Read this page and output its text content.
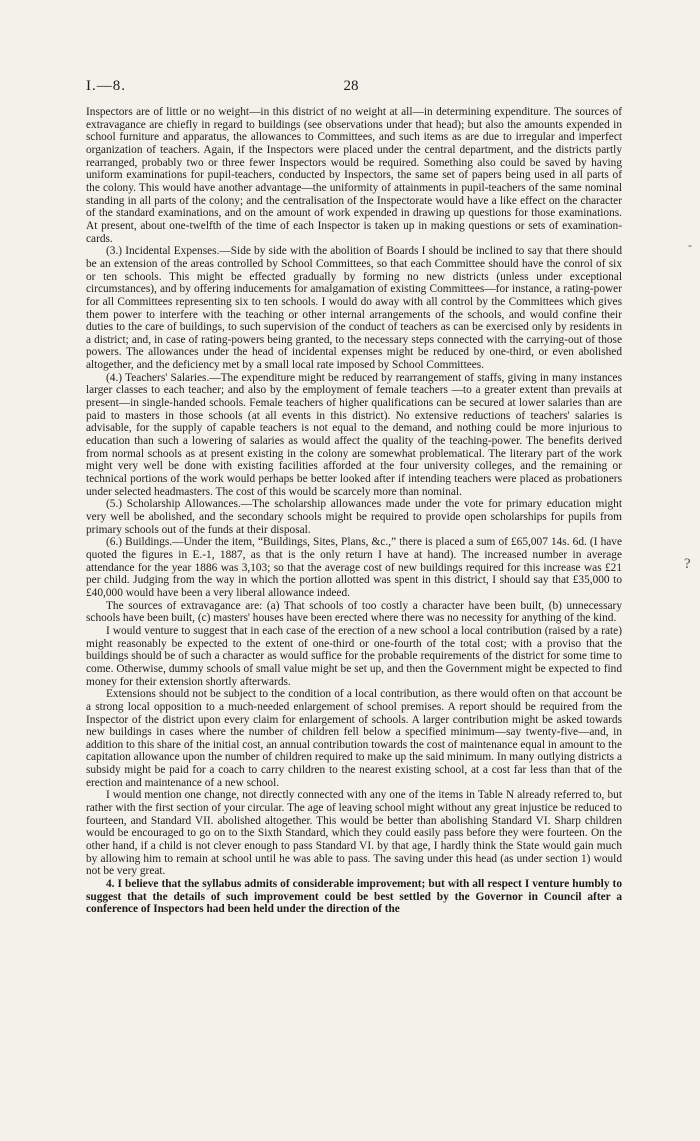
I.—8.	28

Inspectors are of little or no weight—in this district of no weight at all—in determining expenditure. The sources of extravagance are chiefly in regard to buildings (see observations under that head); but also the amounts expended in school furniture and apparatus, the allowances to Committees, and such items as are due to irregular and imperfect organization of teachers. Again, if the Inspectors were placed under the central department, and the districts partly rearranged, probably two or three fewer Inspectors would be required. Something also could be saved by having uniform examinations for pupil-teachers, conducted by Inspectors, the same set of papers being used in all parts of the colony. This would have another advantage—the uniformity of attainments in pupil-teachers of the same nominal standing in all parts of the colony; and the centralisation of the Inspectorate would have a like effect on the character of the standard examinations, and on the amount of work expended in drawing up questions for those examinations. At present, about one-twelfth of the time of each Inspector is taken up in making questions or sets of examination-cards.

(3.) Incidental Expenses.—Side by side with the abolition of Boards I should be inclined to say that there should be an extension of the areas controlled by School Committees, so that each Committee should have the conrol of six or ten schools. This might be effected gradually by forming no new districts (unless under exceptional circumstances), and by offering inducements for amalgamation of existing Committees—for instance, a rating-power for all Committees representing six to ten schools. I would do away with all control by the Committees which gives them power to interfere with the teaching or other internal arrangements of the schools, and would confine their duties to the care of buildings, to such supervision of the conduct of teachers as can be exercised only by residents in a district; and, in case of rating-powers being granted, to the necessary steps connected with the carrying-out of those powers. The allowances under the head of incidental expenses might be reduced by one-third, or even abolished altogether, and the deficiency met by a small local rate imposed by School Committees.

(4.) Teachers' Salaries.—The expenditure might be reduced by rearrangement of staffs, giving in many instances larger classes to each teacher; and also by the employment of female teachers —to a greater extent than prevails at present—in single-handed schools. Female teachers of higher qualifications can be secured at lower salaries than are paid to masters in those schools (at all events in this district). No extensive reductions of teachers' salaries is advisable, for the supply of capable teachers is not equal to the demand, and nothing could be more injurious to education than such a lowering of salaries as would affect the quality of the teaching-power. The benefits derived from normal schools as at present existing in the colony are somewhat problematical. The literary part of the work might very well be done with existing facilities afforded at the four university colleges, and the remaining or technical portions of the work would perhaps be better looked after if intending teachers were placed as probationers under selected headmasters. The cost of this would be scarcely more than nominal.

(5.) Scholarship Allowances.—The scholarship allowances made under the vote for primary education might very well be abolished, and the secondary schools might be required to provide open scholarships for pupils from primary schools out of the funds at their disposal.

(6.) Buildings.—Under the item, “Buildings, Sites, Plans, &c.,” there is placed a sum of £65,007 14s. 6d. (I have quoted the figures in E.-1, 1887, as that is the only return I have at hand). The increased number in average attendance for the year 1886 was 3,103; so that the average cost of new buildings required for this increase was £21 per child. Judging from the way in which the portion allotted was spent in this district, I should say that £35,000 to £40,000 would have been a very liberal allowance indeed.

The sources of extravagance are: (a) That schools of too costly a character have been built, (b) unnecessary schools have been built, (c) masters' houses have been erected where there was no necessity for anything of the kind.

I would venture to suggest that in each case of the erection of a new school a local contribution (raised by a rate) might reasonably be expected to the extent of one-third or one-fourth of the total cost; with a proviso that the buildings should be of such a character as would suffice for the probable requirements of the district for some time to come. Otherwise, dummy schools of small value might be set up, and then the Government might be expected to find money for their extension shortly afterwards.

Extensions should not be subject to the condition of a local contribution, as there would often on that account be a strong local opposition to a much-needed enlargement of school premises. A report should be required from the Inspector of the district upon every claim for enlargement of schools. A larger contribution might be asked towards new buildings in cases where the number of children fell below a specified minimum—say twenty-five—and, in addition to this share of the initial cost, an annual contribution towards the cost of maintenance equal in amount to the capitation allowance upon the number of children required to make up the said minimum. In many outlying districts a subsidy might be paid for a coach to carry children to the nearest existing school, at a cost far less than that of the erection and maintenance of a new school.

I would mention one change, not directly connected with any one of the items in Table N already referred to, but rather with the first section of your circular. The age of leaving school might without any great injustice be reduced to fourteen, and Standard VII. abolished altogether. This would be better than abolishing Standard VI. Sharp children would be encouraged to go on to the Sixth Standard, which they could easily pass before they were fourteen. On the other hand, if a child is not clever enough to pass Standard VI. by that age, I hardly think the State would gain much by allowing him to remain at school until he was able to pass. The saving under this head (as under section 1) would not be very great.

4. I believe that the syllabus admits of considerable improvement; but with all respect I venture humbly to suggest that the details of such improvement could be best settled by the Governor in Council after a conference of Inspectors had been held under the direction of the

-
?
